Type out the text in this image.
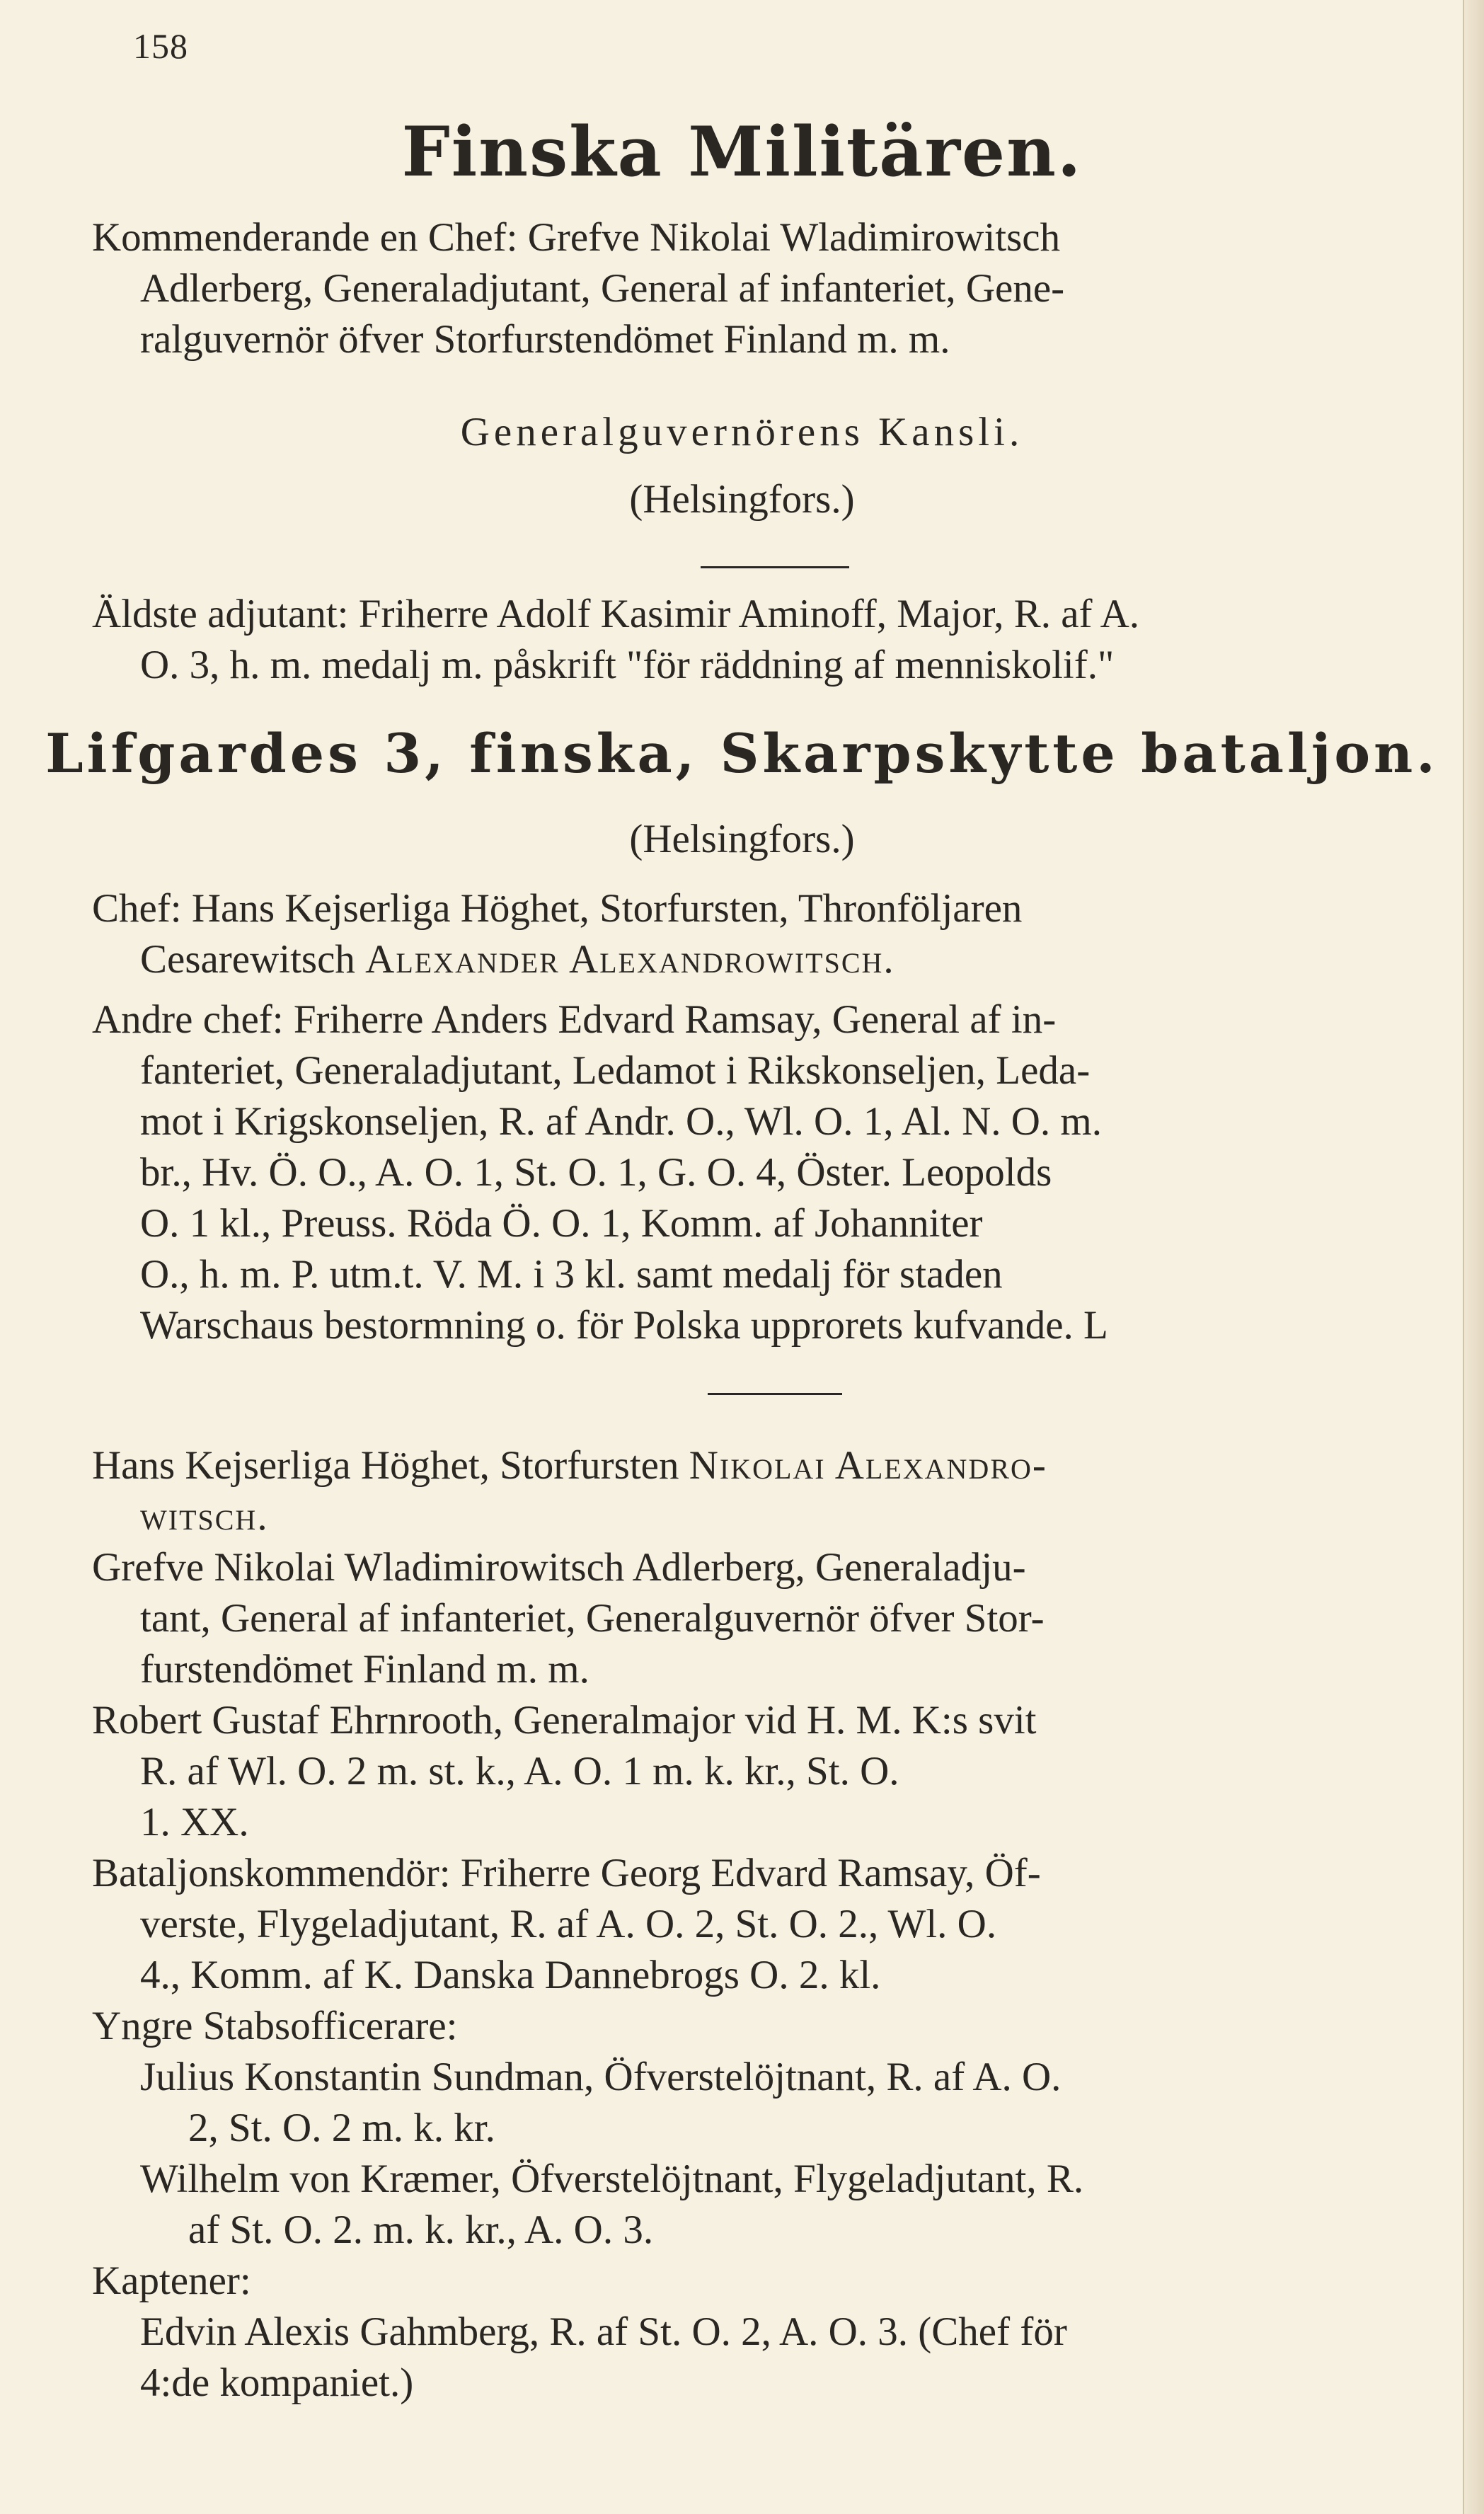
158
Finska Militären.
Kommenderande en Chef: Grefve Nikolai Wladimirowitsch
Adlerberg, Generaladjutant, General af infanteriet, Gene-
ralguvernör öfver Storfurstendömet Finland m. m.
Generalguvernörens Kansli.
(Helsingfors.)
Äldste adjutant: Friherre Adolf Kasimir Aminoff, Major, R. af A.
O. 3, h. m. medalj m. påskrift "för räddning af menniskolif."
Lifgardes 3, finska, Skarpskytte bataljon.
(Helsingfors.)
Chef: Hans Kejserliga Höghet, Storfursten, Thronföljaren
Cesarewitsch Alexander Alexandrowitsch.
Andre chef: Friherre Anders Edvard Ramsay, General af in-
fanteriet, Generaladjutant, Ledamot i Rikskonseljen, Leda-
mot i Krigskonseljen, R. af Andr. O., Wl. O. 1, Al. N. O. m.
br., Hv. Ö. O., A. O. 1, St. O. 1, G. O. 4, Öster. Leopolds
O. 1 kl., Preuss. Röda Ö. O. 1, Komm. af Johanniter
O., h. m. P. utm.t. V. M. i 3 kl. samt medalj för staden
Warschaus bestormning o. för Polska upprorets kufvande. L
Hans Kejserliga Höghet, Storfursten Nikolai Alexandro-
witsch.
Grefve Nikolai Wladimirowitsch Adlerberg, Generaladju-
tant, General af infanteriet, Generalguvernör öfver Stor-
furstendömet Finland m. m.
Robert Gustaf Ehrnrooth, Generalmajor vid H. M. K:s svit
R. af Wl. O. 2 m. st. k., A. O. 1 m. k. kr., St. O.
1. XX.
Bataljonskommendör: Friherre Georg Edvard Ramsay, Öf-
verste, Flygeladjutant, R. af A. O. 2, St. O. 2., Wl. O.
4., Komm. af K. Danska Dannebrogs O. 2. kl.
Yngre Stabsofficerare:
Julius Konstantin Sundman, Öfverstelöjtnant, R. af A. O.
2, St. O. 2 m. k. kr.
Wilhelm von Kræmer, Öfverstelöjtnant, Flygeladjutant, R.
af St. O. 2. m. k. kr., A. O. 3.
Kaptener:
Edvin Alexis Gahmberg, R. af St. O. 2, A. O. 3. (Chef för
4:de kompaniet.)
